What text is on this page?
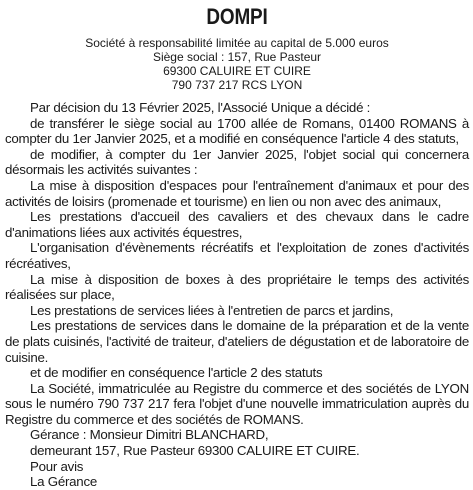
DOMPI
Société à responsabilité limitée au capital de 5.000 euros
Siège social : 157, Rue Pasteur
69300 CALUIRE ET CUIRE
790 737 217 RCS LYON

Par décision du 13 Février 2025, l'Associé Unique a décidé :

de transférer le siège social au 1700 allée de Romans, 01400 ROMANS à compter du 1er Janvier 2025, et a modifié en conséquence l'article 4 des statuts,

de modifier, à compter du 1er Janvier 2025, l'objet social qui concernera désormais les activités suivantes :

La mise à disposition d'espaces pour l'entraînement d'animaux et pour des activités de loisirs (promenade et tourisme) en lien ou non avec des animaux,

Les prestations d'accueil des cavaliers et des chevaux dans le cadre d'animations liées aux activités équestres,

L'organisation d'évènements récréatifs et l'exploitation de zones d'activités récréatives,

La mise à disposition de boxes à des propriétaire le temps des activités réalisées sur place,

Les prestations de services liées à l'entretien de parcs et jardins,

Les prestations de services dans le domaine de la préparation et de la vente de plats cuisinés, l'activité de traiteur, d'ateliers de dégustation et de laboratoire de cuisine.

et de modifier en conséquence l'article 2 des statuts

La Société, immatriculée au Registre du commerce et des sociétés de LYON sous le numéro 790 737 217 fera l'objet d'une nouvelle immatriculation auprès du Registre du commerce et des sociétés de ROMANS.

Gérance : Monsieur Dimitri BLANCHARD,

demeurant 157, Rue Pasteur 69300 CALUIRE ET CUIRE.

Pour avis

La Gérance
